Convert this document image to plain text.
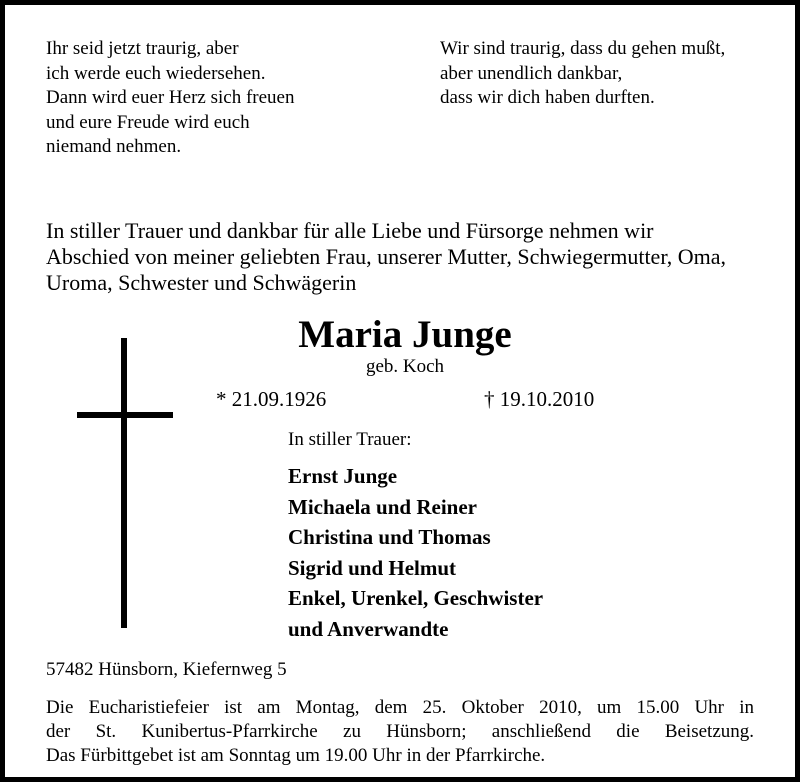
Ihr seid jetzt traurig, aber
ich werde euch wiedersehen.
Dann wird euer Herz sich freuen
und eure Freude wird euch
niemand nehmen.
Wir sind traurig, dass du gehen mußt,
aber unendlich dankbar,
dass wir dich haben durften.
In stiller Trauer und dankbar für alle Liebe und Fürsorge nehmen wir
Abschied von meiner geliebten Frau, unserer Mutter, Schwiegermutter, Oma,
Uroma, Schwester und Schwägerin
Maria Junge
geb. Koch
* 21.09.1926	† 19.10.2010
In stiller Trauer:
Ernst Junge
Michaela und Reiner
Christina und Thomas
Sigrid und Helmut
Enkel, Urenkel, Geschwister
und Anverwandte
57482 Hünsborn, Kiefernweg 5
Die Eucharistiefeier ist am Montag, dem 25. Oktober 2010, um 15.00 Uhr in
der St. Kunibertus-Pfarrkirche zu Hünsborn; anschließend die Beisetzung.
Das Fürbittgebet ist am Sonntag um 19.00 Uhr in der Pfarrkirche.
